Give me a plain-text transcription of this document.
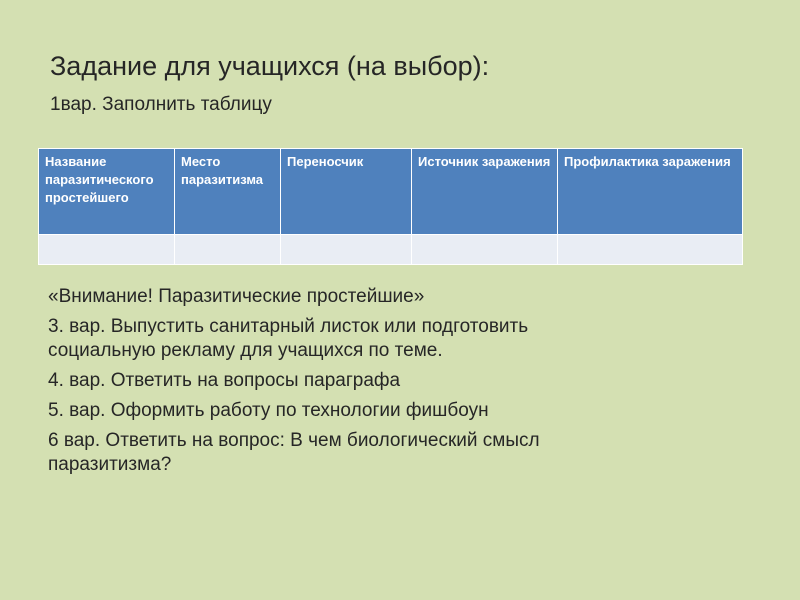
Задание для учащихся (на выбор):
1вар. Заполнить таблицу
Название паразитического простейшего	Место паразитизма	Переносчик	Источник заражения	Профилактика заражения

«Внимание! Паразитические простейшие»

3. вар. Выпустить санитарный листок или подготовить

социальную рекламу для учащихся по теме.

4. вар. Ответить на вопросы параграфа

5. вар. Оформить работу по технологии фишбоун

6 вар. Ответить на вопрос: В чем биологический смысл

паразитизма?
